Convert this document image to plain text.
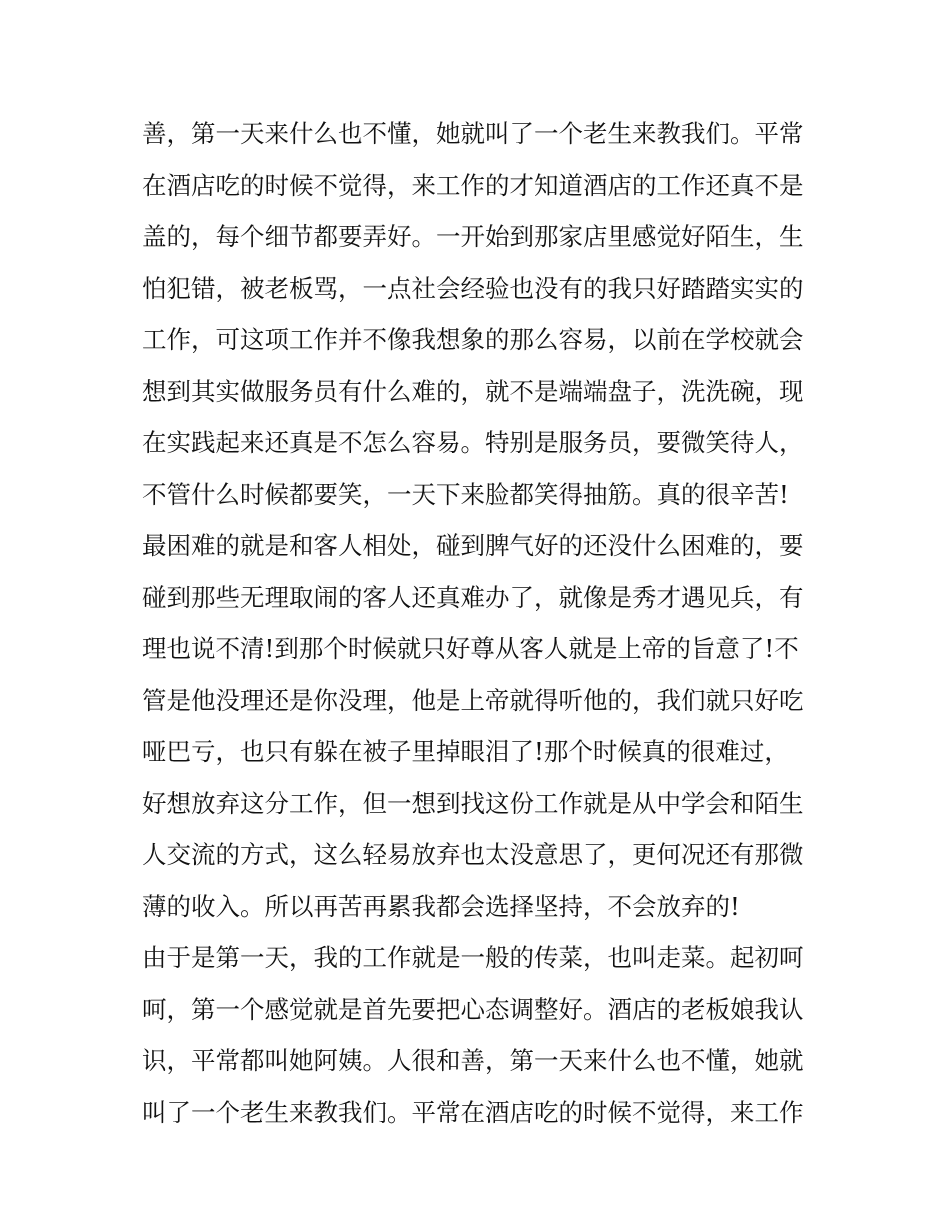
善，第一天来什么也不懂，她就叫了一个老生来教我们。平常
在酒店吃的时候不觉得，来工作的才知道酒店的工作还真不是
盖的，每个细节都要弄好。一开始到那家店里感觉好陌生，生
怕犯错，被老板骂，一点社会经验也没有的我只好踏踏实实的
工作，可这项工作并不像我想象的那么容易，以前在学校就会
想到其实做服务员有什么难的，就不是端端盘子，洗洗碗，现
在实践起来还真是不怎么容易。特别是服务员，要微笑待人，
不管什么时候都要笑，一天下来脸都笑得抽筋。真的很辛苦!
最困难的就是和客人相处，碰到脾气好的还没什么困难的，要
碰到那些无理取闹的客人还真难办了，就像是秀才遇见兵，有
理也说不清!到那个时候就只好尊从客人就是上帝的旨意了!不
管是他没理还是你没理，他是上帝就得听他的，我们就只好吃
哑巴亏，也只有躲在被子里掉眼泪了!那个时候真的很难过，
好想放弃这分工作，但一想到找这份工作就是从中学会和陌生
人交流的方式，这么轻易放弃也太没意思了，更何况还有那微
薄的收入。所以再苦再累我都会选择坚持，不会放弃的!
由于是第一天，我的工作就是一般的传菜，也叫走菜。起初呵
呵，第一个感觉就是首先要把心态调整好。酒店的老板娘我认
识，平常都叫她阿姨。人很和善，第一天来什么也不懂，她就
叫了一个老生来教我们。平常在酒店吃的时候不觉得，来工作
